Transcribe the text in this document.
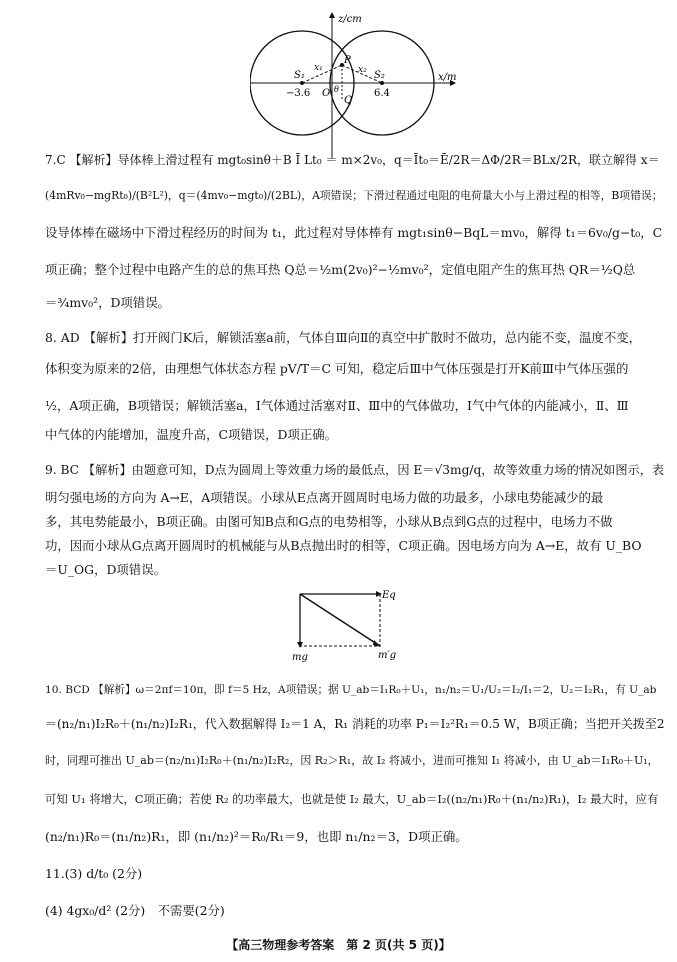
z/cm
x/m
S₁	S₂
P
O
Q
x₁	x₂
θ
−3.6	6.4
7.C 【解析】导体棒上滑过程有 mgt₀sinθ＋B Ī Lt₀ ＝ m×2v₀，q＝Īt₀＝Ē/2R＝ΔΦ/2R＝BLx/2R，联立解得 x＝
(4mRv₀−mgRt₀)/(B²L²)，q＝(4mv₀−mgt₀)/(2BL)，A项错误；下滑过程通过电阻的电荷量大小与上滑过程的相等，B项错误；
设导体棒在磁场中下滑过程经历的时间为 t₁，此过程对导体棒有 mgt₁sinθ−BqL＝mv₀，解得 t₁＝6v₀/g−t₀，C
项正确；整个过程中电路产生的总的焦耳热 Q总＝½m(2v₀)²−½mv₀²，定值电阻产生的焦耳热 QR＝½Q总
＝¾mv₀²，D项错误。
8. AD 【解析】打开阀门K后，解锁活塞a前，气体自Ⅲ向Ⅱ的真空中扩散时不做功，总内能不变，温度不变，
体积变为原来的2倍，由理想气体状态方程 pV/T＝C 可知，稳定后Ⅲ中气体压强是打开K前Ⅲ中气体压强的
½，A项正确，B项错误；解锁活塞a，Ⅰ气体通过活塞对Ⅱ、Ⅲ中的气体做功，Ⅰ气中气体的内能减小，Ⅱ、Ⅲ
中气体的内能增加，温度升高，C项错误，D项正确。
9. BC 【解析】由题意可知，D点为圆周上等效重力场的最低点，因 E＝√3mg/q，故等效重力场的情况如图示，表
明匀强电场的方向为 A→E，A项错误。小球从E点离开圆周时电场力做的功最多，小球电势能减少的最
多，其电势能最小，B项正确。由图可知B点和G点的电势相等，小球从B点到G点的过程中，电场力不做
功，因而小球从G点离开圆周时的机械能与从B点抛出时的相等，C项正确。因电场方向为 A→E，故有 U_BO
＝U_OG，D项错误。
Eq
mg	m′g
10. BCD 【解析】ω＝2πf＝10π，即 f＝5 Hz，A项错误；据 U_ab＝I₁R₀＋U₁，n₁/n₂＝U₁/U₂＝I₂/I₁＝2，U₂＝I₂R₁，有 U_ab
＝(n₂/n₁)I₂R₀＋(n₁/n₂)I₂R₁，代入数据解得 I₂＝1 A，R₁ 消耗的功率 P₁＝I₂²R₁＝0.5 W，B项正确；当把开关拨至2
时，同理可推出 U_ab＝(n₂/n₁)I₂R₀＋(n₁/n₂)I₂R₂，因 R₂＞R₁，故 I₂ 将减小，进而可推知 I₁ 将减小，由 U_ab＝I₁R₀＋U₁，
可知 U₁ 将增大，C项正确；若使 R₂ 的功率最大，也就是使 I₂ 最大，U_ab＝I₂((n₂/n₁)R₀＋(n₁/n₂)R₁)，I₂ 最大时，应有
(n₂/n₁)R₀＝(n₁/n₂)R₁，即 (n₁/n₂)²＝R₀/R₁＝9，也即 n₁/n₂＝3，D项正确。
11.(3) d/t₀ (2分)
(4) 4gx₀/d² (2分)　不需要(2分)
【高三物理参考答案　第 2 页(共 5 页)】
